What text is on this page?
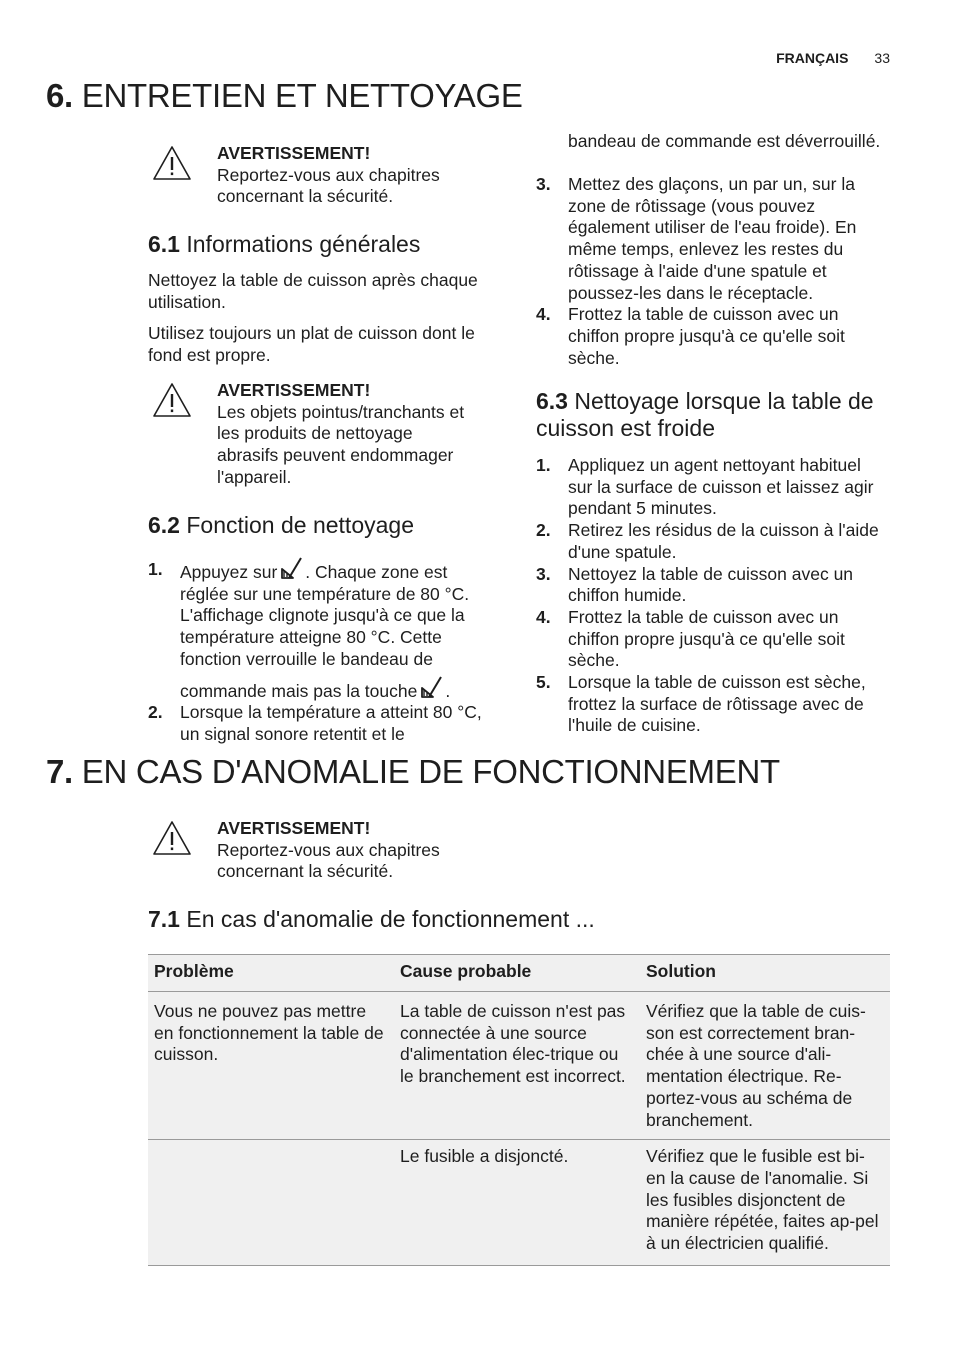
FRANÇAIS 33
6. ENTRETIEN ET NETTOYAGE
AVERTISSEMENT!
Reportez-vous aux chapitres concernant la sécurité.
6.1 Informations générales

Nettoyez la table de cuisson après chaque utilisation.

Utilisez toujours un plat de cuisson dont le fond est propre.

AVERTISSEMENT!
Les objets pointus/tranchants et les produits de nettoyage abrasifs peuvent endommager l'appareil.
6.2 Fonction de nettoyage
1. Appuyez sur . Chaque zone est réglée sur une température de 80 °C. L'affichage clignote jusqu'à ce que la température atteigne 80 °C. Cette fonction verrouille le bandeau de
commande mais pas la touche .
2. Lorsque la température a atteint 80 °C, un signal sonore retentit et le

bandeau de commande est déverrouillé.

3. Mettez des glaçons, un par un, sur la zone de rôtissage (vous pouvez également utiliser de l'eau froide). En même temps, enlevez les restes du rôtissage à l'aide d'une spatule et poussez-les dans le réceptacle.
4. Frottez la table de cuisson avec un chiffon propre jusqu'à ce qu'elle soit sèche.
6.3 Nettoyage lorsque la table de cuisson est froide
1. Appliquez un agent nettoyant habituel sur la surface de cuisson et laissez agir pendant 5 minutes.
2. Retirez les résidus de la cuisson à l'aide d'une spatule.
3. Nettoyez la table de cuisson avec un chiffon humide.
4. Frottez la table de cuisson avec un chiffon propre jusqu'à ce qu'elle soit sèche.
5. Lorsque la table de cuisson est sèche, frottez la surface de rôtissage avec de l'huile de cuisine.
7. EN CAS D'ANOMALIE DE FONCTIONNEMENT
AVERTISSEMENT!
Reportez-vous aux chapitres concernant la sécurité.
7.1 En cas d'anomalie de fonctionnement ...
Problème	Cause probable	Solution
Vous ne pouvez pas mettre en fonctionnement la table de cuisson.	La table de cuisson n'est pas connectée à une source d'alimentation élec-trique ou le branchement est incorrect.	Vérifiez que la table de cuis-son est correctement bran-chée à une source d'ali-mentation électrique. Re-portez-vous au schéma de branchement.
	Le fusible a disjoncté.	Vérifiez que le fusible est bi-en la cause de l'anomalie. Si les fusibles disjonctent de manière répétée, faites ap-pel à un électricien qualifié.
